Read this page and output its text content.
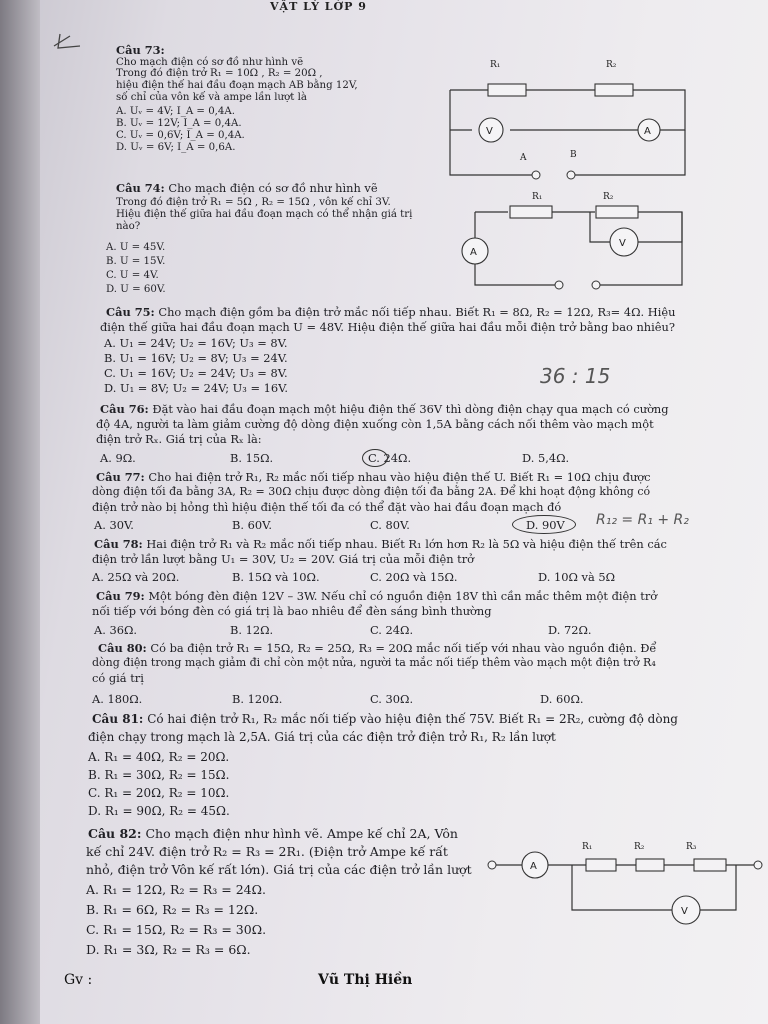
VẬT LÝ LỚP 9
Câu 73:
Cho mạch điện có sơ đồ như hình vẽ
Trong đó điện trở R₁ = 10Ω , R₂ = 20Ω ,
hiệu điện thế hai đầu đoạn mạch AB bằng 12V,
số chỉ của vôn kế và ampe lần lượt là
A. Uᵥ = 4V; I_A = 0,4A.
B. Uᵥ = 12V; I_A = 0,4A.
C. Uᵥ = 0,6V; I_A = 0,4A.
D. Uᵥ = 6V; I_A = 0,6A.
R₁	R₂
V	A
A	B
Câu 74: Cho mạch điện có sơ đồ như hình vẽ
Trong đó điện trở R₁ = 5Ω , R₂ = 15Ω , vôn kế chỉ 3V.
Hiệu điện thế giữa hai đầu đoạn mạch có thể nhận giá trị
nào?
A. U = 45V.
B. U = 15V.
C. U = 4V.
D. U = 60V.
R₁	R₂
A
V
Câu 75: Cho mạch điện gồm ba điện trở mắc nối tiếp nhau. Biết R₁ = 8Ω, R₂ = 12Ω, R₃= 4Ω. Hiệu
điện thế giữa hai đầu đoạn mạch U = 48V. Hiệu điện thế giữa hai đầu mỗi điện trở bằng bao nhiêu?
A. U₁ = 24V; U₂ = 16V; U₃ = 8V.
B. U₁ = 16V; U₂ = 8V; U₃ = 24V.
C. U₁ = 16V; U₂ = 24V; U₃ = 8V.
D. U₁ = 8V; U₂ = 24V; U₃ = 16V.	36 : 15
Câu 76: Đặt vào hai đầu đoạn mạch một hiệu điện thế 36V thì dòng điện chạy qua mạch có cường
độ 4A, người ta làm giảm cường độ dòng điện xuống còn 1,5A bằng cách nối thêm vào mạch một
điện trở Rₓ. Giá trị của Rₓ là:
A. 9Ω.	B. 15Ω.	C. 24Ω.	D. 5,4Ω.
Câu 77: Cho hai điện trở R₁, R₂ mắc nối tiếp nhau vào hiệu điện thế U. Biết R₁ = 10Ω chịu được
dòng điện tối đa bằng 3A, R₂ = 30Ω chịu được dòng điện tối đa bằng 2A. Để khi hoạt động không có
điện trở nào bị hỏng thì hiệu điện thế tối đa có thể đặt vào hai đầu đoạn mạch đó
A. 30V.	B. 60V.	C. 80V.	D. 90V R₁₂ = R₁ + R₂
Câu 78: Hai điện trở R₁ và R₂ mắc nối tiếp nhau. Biết R₁ lớn hơn R₂ là 5Ω và hiệu điện thế trên các
điện trở lần lượt bằng U₁ = 30V, U₂ = 20V. Giá trị của mỗi điện trở
A. 25Ω và 20Ω.	B. 15Ω và 10Ω.	C. 20Ω và 15Ω.	D. 10Ω và 5Ω
Câu 79: Một bóng đèn điện 12V – 3W. Nếu chỉ có nguồn điện 18V thì cần mắc thêm một điện trở
nối tiếp với bóng đèn có giá trị là bao nhiêu để đèn sáng bình thường
A. 36Ω.	B. 12Ω.	C. 24Ω.	D. 72Ω.
Câu 80: Có ba điện trở R₁ = 15Ω, R₂ = 25Ω, R₃ = 20Ω mắc nối tiếp với nhau vào nguồn điện. Để
dòng điện trong mạch giảm đi chỉ còn một nửa, người ta mắc nối tiếp thêm vào mạch một điện trở R₄
có giá trị
A. 180Ω.	B. 120Ω.	C. 30Ω.	D. 60Ω.
Câu 81: Có hai điện trở R₁, R₂ mắc nối tiếp vào hiệu điện thế 75V. Biết R₁ = 2R₂, cường độ dòng
điện chạy trong mạch là 2,5A. Giá trị của các điện trở điện trở R₁, R₂ lần lượt
A. R₁ = 40Ω, R₂ = 20Ω.
B. R₁ = 30Ω, R₂ = 15Ω.
C. R₁ = 20Ω, R₂ = 10Ω.
D. R₁ = 90Ω, R₂ = 45Ω.
Câu 82: Cho mạch điện như hình vẽ. Ampe kế chỉ 2A, Vôn
kế chỉ 24V. điện trở R₂ = R₃ = 2R₁. (Điện trở Ampe kế rất
nhỏ, điện trở Vôn kế rất lớn). Giá trị của các điện trở lần lượt
A. R₁ = 12Ω, R₂ = R₃ = 24Ω.
B. R₁ = 6Ω, R₂ = R₃ = 12Ω.
C. R₁ = 15Ω, R₂ = R₃ = 30Ω.
D. R₁ = 3Ω, R₂ = R₃ = 6Ω.
A
R₁	R₂	R₃
V
Gv :	Vũ Thị Hiền
